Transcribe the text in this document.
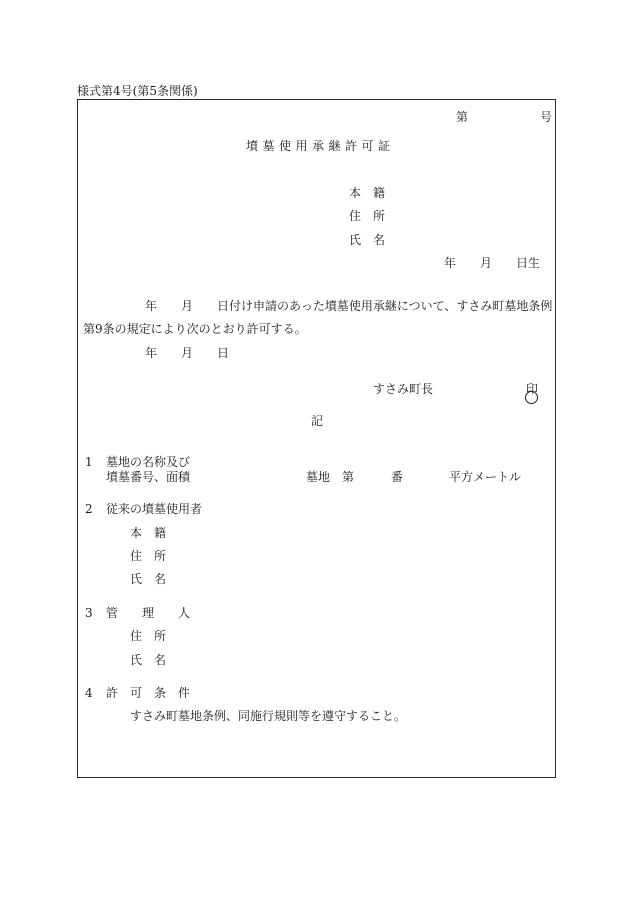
様式第4号(第5条関係)
第　　　　　　号
墳墓使用承継許可証
本　籍
住　所
氏　名
年　　月　　日生
年　　月　　日付け申請のあった墳墓使用承継について、すさみ町墓地条例
第9条の規定により次のとおり許可する。
年　　月　　日
すさみ町長	印
記
1 墓地の名称及び
墳墓番号、面積	墓地　第	番	平方メートル
2 従来の墳墓使用者
本　籍
住　所
氏　名
3 管　　理　　人
住　所
氏　名
4 許　可　条　件
すさみ町墓地条例、同施行規則等を遵守すること。
